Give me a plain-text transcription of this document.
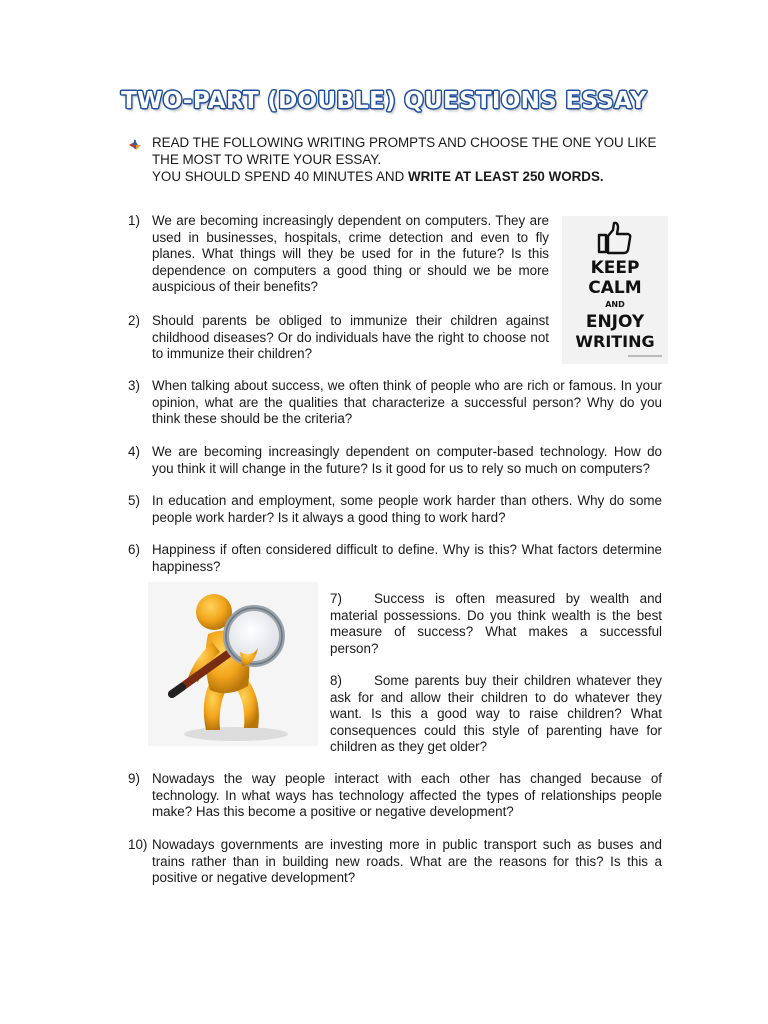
TWO-PART (DOUBLE) QUESTIONS ESSAY
READ THE FOLLOWING WRITING PROMPTS AND CHOOSE THE ONE YOU LIKE THE MOST TO WRITE YOUR ESSAY.
YOU SHOULD SPEND 40 MINUTES AND WRITE AT LEAST 250 WORDS.
1) We are becoming increasingly dependent on computers. They are used in businesses, hospitals, crime detection and even to fly planes. What things will they be used for in the future? Is this dependence on computers a good thing or should we be more auspicious of their benefits?
2) Should parents be obliged to immunize their children against childhood diseases? Or do individuals have the right to choose not to immunize their children?
KEEP
CALM
AND
ENJOY
WRITING
3) When talking about success, we often think of people who are rich or famous. In your opinion, what are the qualities that characterize a successful person? Why do you think these should be the criteria?
4) We are becoming increasingly dependent on computer-based technology. How do you think it will change in the future? Is it good for us to rely so much on computers?
5) In education and employment, some people work harder than others. Why do some people work harder? Is it always a good thing to work hard?
6) Happiness if often considered difficult to define. Why is this? What factors determine happiness?
7) Success is often measured by wealth and material possessions. Do you think wealth is the best measure of success? What makes a successful person?
8) Some parents buy their children whatever they ask for and allow their children to do whatever they want. Is this a good way to raise children? What consequences could this style of parenting have for children as they get older?
9) Nowadays the way people interact with each other has changed because of technology. In what ways has technology affected the types of relationships people make? Has this become a positive or negative development?
10) Nowadays governments are investing more in public transport such as buses and trains rather than in building new roads. What are the reasons for this? Is this a positive or negative development?
